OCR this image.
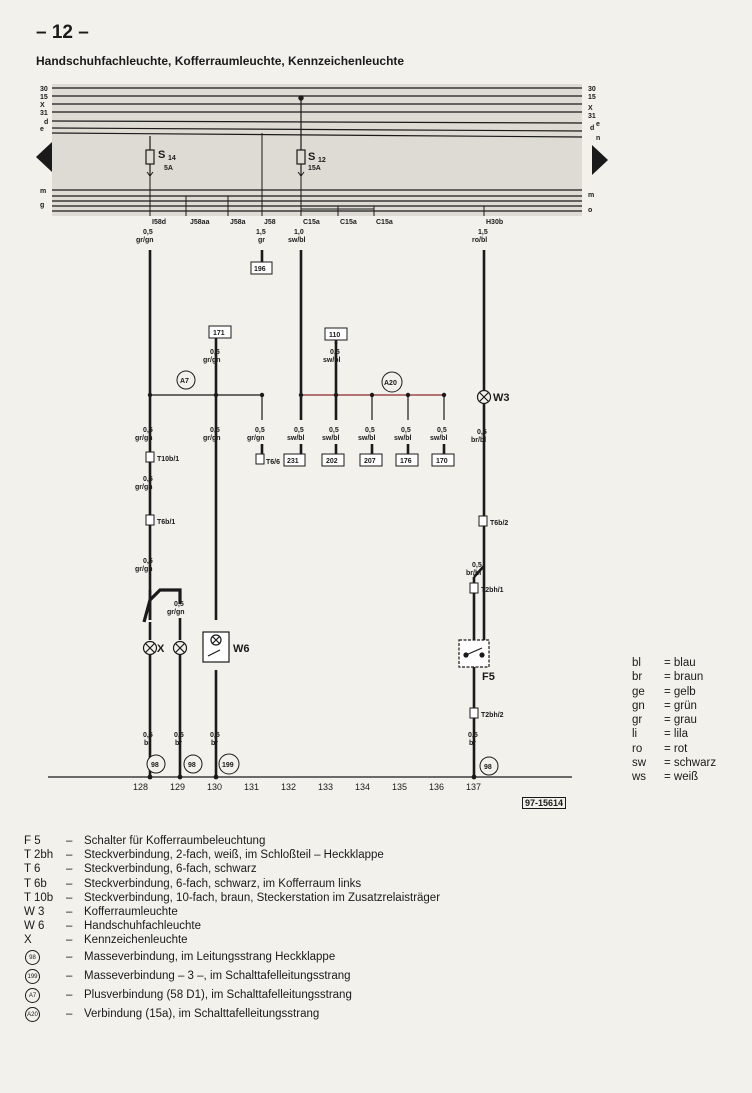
– 12 –
Handschuhfachleuchte, Kofferraumleuchte, Kennzeichenleuchte
30
15
X
31
d
e
m
g
30
15
X
31
d
e
n
m
o
S 14
5A
S 12
15A
I58d	J58aa	J58a	J58	C15a	C15a	C15a	H30b
A7	A20
0,5
gr/gn
1,5
gr
1,0
sw/bl
1,5
ro/bl
0,5
gr/gn
0,5
sw/bl
0,5
gr/gn
0,5
gr/gn
0,5
gr/gn
0,5
sw/bl
0,5
sw/bl
0,5
sw/bl
0,5
sw/bl
0,5
sw/bl
0,5
br/bl
0,5
gr/gn
0,5
gr/gn
0,5
gr/gn
0,5
br/bl
0,5
br
0,5
br
0,5
br
0,5
br
196
171	110
231	202	207	176	170
T10b/1
T6b/1
T6/6
T6b/2
T2bh/1
T2bh/2
X	W6
W3
F5
98	98	199	98
128 129 130 131 132 133 134 135 136 137
97-15614
bl	= blau
br	= braun
ge	= gelb
gn	= grün
gr	= grau
li	= lila
ro	= rot
sw	= schwarz
ws	= weiß
F 5	–	Schalter für Kofferraumbeleuchtung
T 2bh	–	Steckverbindung, 2-fach, weiß, im Schloßteil – Heckklappe
T 6	–	Steckverbindung, 6-fach, schwarz
T 6b	–	Steckverbindung, 6-fach, schwarz, im Kofferraum links
T 10b	–	Steckverbindung, 10-fach, braun, Steckerstation im Zusatzrelaisträger
W 3	–	Kofferraumleuchte
W 6	–	Handschuhfachleuchte
X	–	Kennzeichenleuchte
98	–	Masseverbindung, im Leitungsstrang Heckklappe
199	–	Masseverbindung – 3 –, im Schalttafelleitungsstrang
A7	–	Plusverbindung (58 D1), im Schalttafelleitungsstrang
A20	–	Verbindung (15a), im Schalttafelleitungsstrang
